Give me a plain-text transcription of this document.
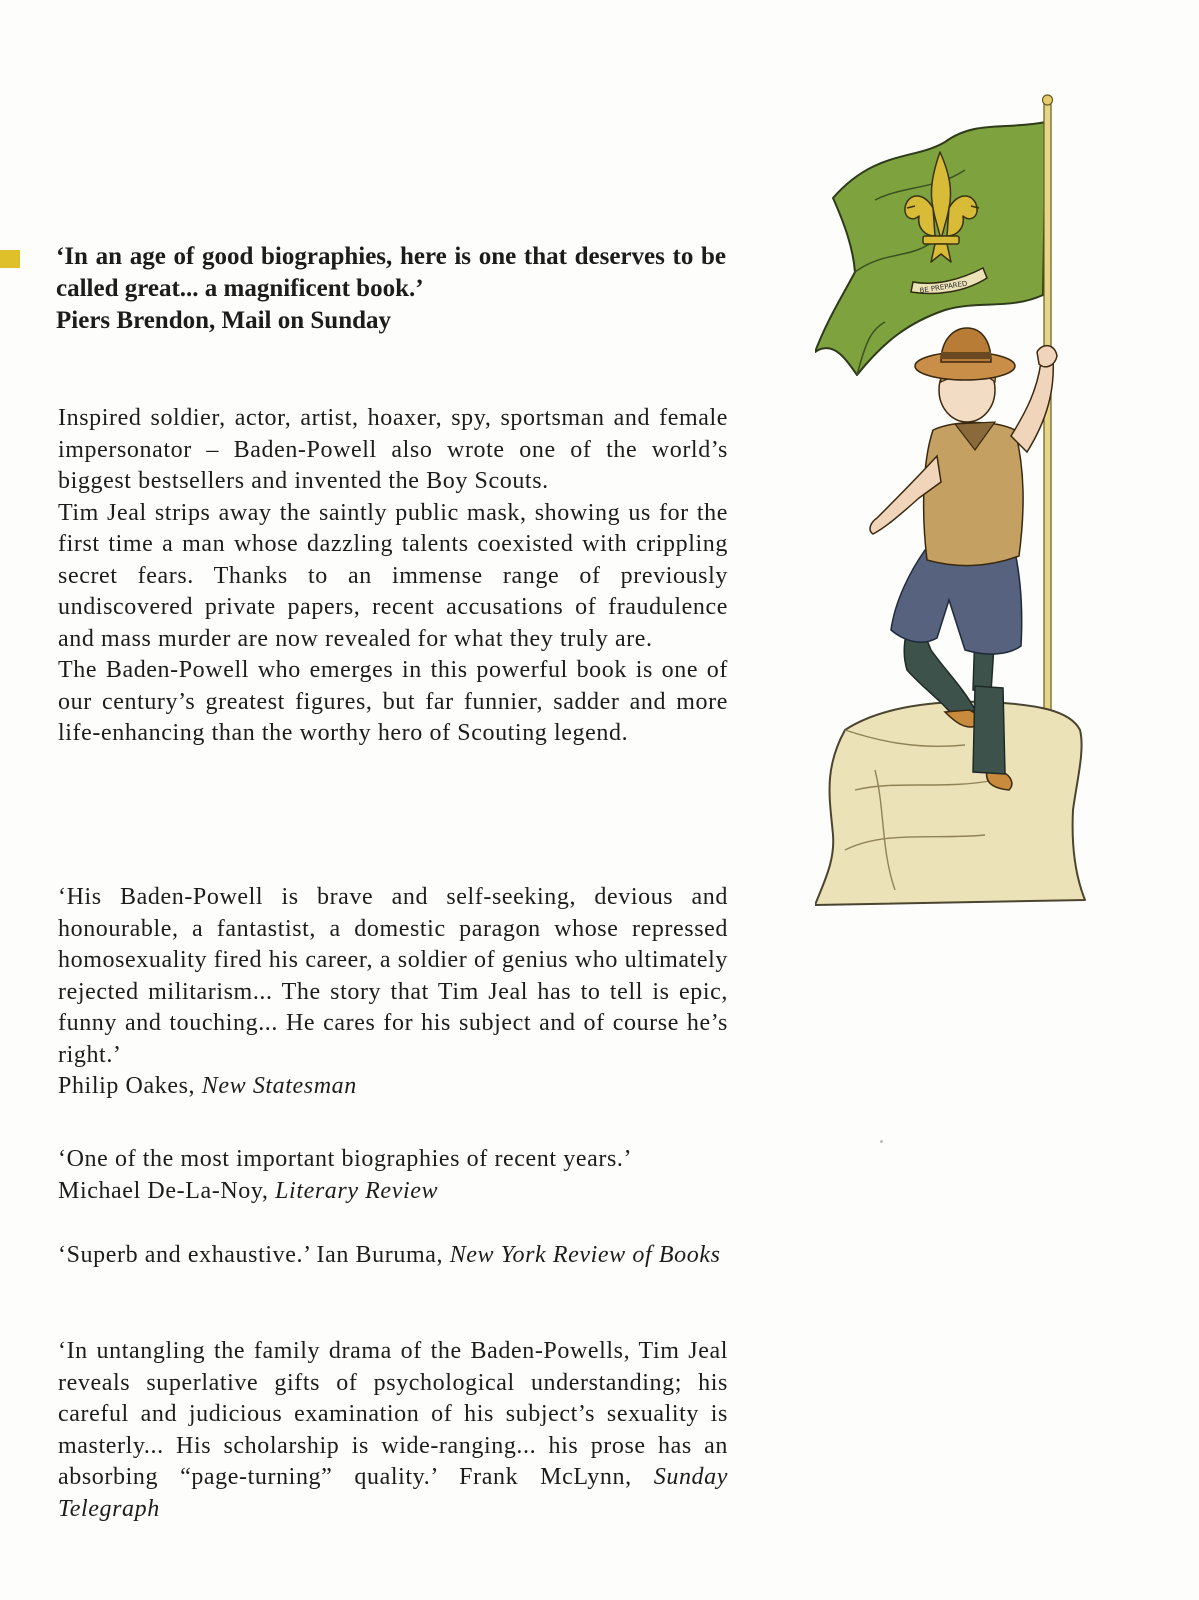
‘In an age of good biographies, here is one that deserves to be called great... a magnificent book.’

Piers Brendon, Mail on Sunday

Inspired soldier, actor, artist, hoaxer, spy, sportsman and female impersonator – Baden-Powell also wrote one of the world’s biggest bestsellers and invented the Boy Scouts.

Tim Jeal strips away the saintly public mask, showing us for the first time a man whose dazzling talents coexisted with crippling secret fears. Thanks to an immense range of previously undiscovered private papers, recent accusations of fraudulence and mass murder are now revealed for what they truly are.

The Baden-Powell who emerges in this powerful book is one of our century’s greatest figures, but far funnier, sadder and more life-enhancing than the worthy hero of Scouting legend.

‘His Baden-Powell is brave and self-seeking, devious and honourable, a fantastist, a domestic paragon whose repressed homosexuality fired his career, a soldier of genius who ultimately rejected militarism... The story that Tim Jeal has to tell is epic, funny and touching... He cares for his subject and of course he’s right.’

Philip Oakes, New Statesman

‘One of the most important biographies of recent years.’

Michael De-La-Noy, Literary Review

‘Superb and exhaustive.’ Ian Buruma, New York Review of Books

‘In untangling the family drama of the Baden-Powells, Tim Jeal reveals superlative gifts of psychological understanding; his careful and judicious examination of his subject’s sexuality is masterly... His scholarship is wide-ranging... his prose has an absorbing “page-turning” quality.’ Frank McLynn, Sunday Telegraph

BE PREPARED
